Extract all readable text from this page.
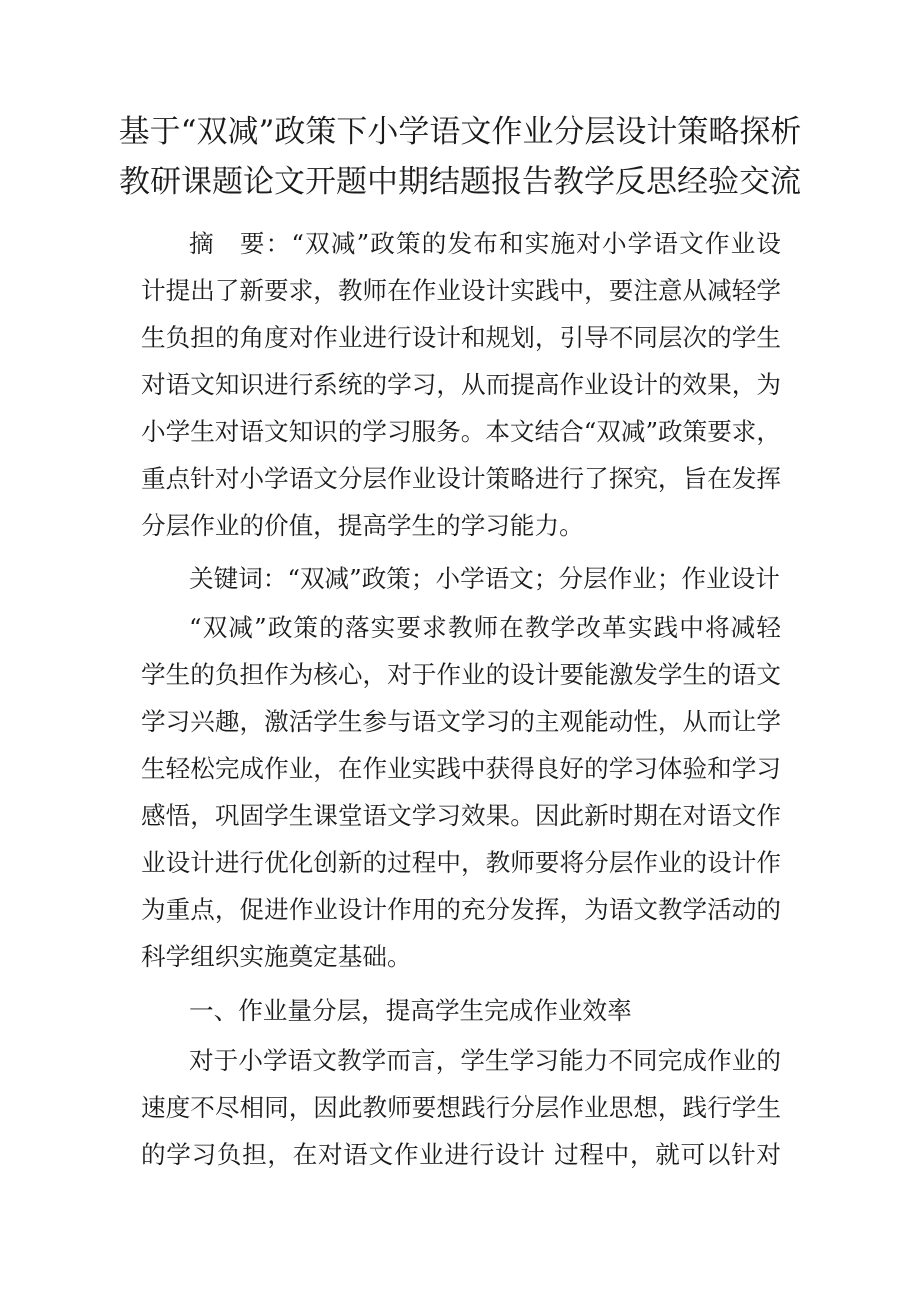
基于“双减”政策下小学语文作业分层设计策略探析
教研课题论文开题中期结题报告教学反思经验交流
摘 要：“双减”政策的发布和实施对小学语文作业设
计提出了新要求，教师在作业设计实践中，要注意从减轻学
生负担的角度对作业进行设计和规划，引导不同层次的学生
对语文知识进行系统的学习，从而提高作业设计的效果，为
小学生对语文知识的学习服务。本文结合“双减”政策要求，
重点针对小学语文分层作业设计策略进行了探究，旨在发挥
分层作业的价值，提高学生的学习能力。
关键词：“双减”政策；小学语文；分层作业；作业设计
“双减”政策的落实要求教师在教学改革实践中将减轻
学生的负担作为核心，对于作业的设计要能激发学生的语文
学习兴趣，激活学生参与语文学习的主观能动性，从而让学
生轻松完成作业，在作业实践中获得良好的学习体验和学习
感悟，巩固学生课堂语文学习效果。因此新时期在对语文作
业设计进行优化创新的过程中，教师要将分层作业的设计作
为重点，促进作业设计作用的充分发挥，为语文教学活动的
科学组织实施奠定基础。
一、作业量分层，提高学生完成作业效率
对于小学语文教学而言，学生学习能力不同完成作业的
速度不尽相同，因此教师要想践行分层作业思想，践行学生
的学习负担，在对语文作业进行设计 过程中，就可以针对
